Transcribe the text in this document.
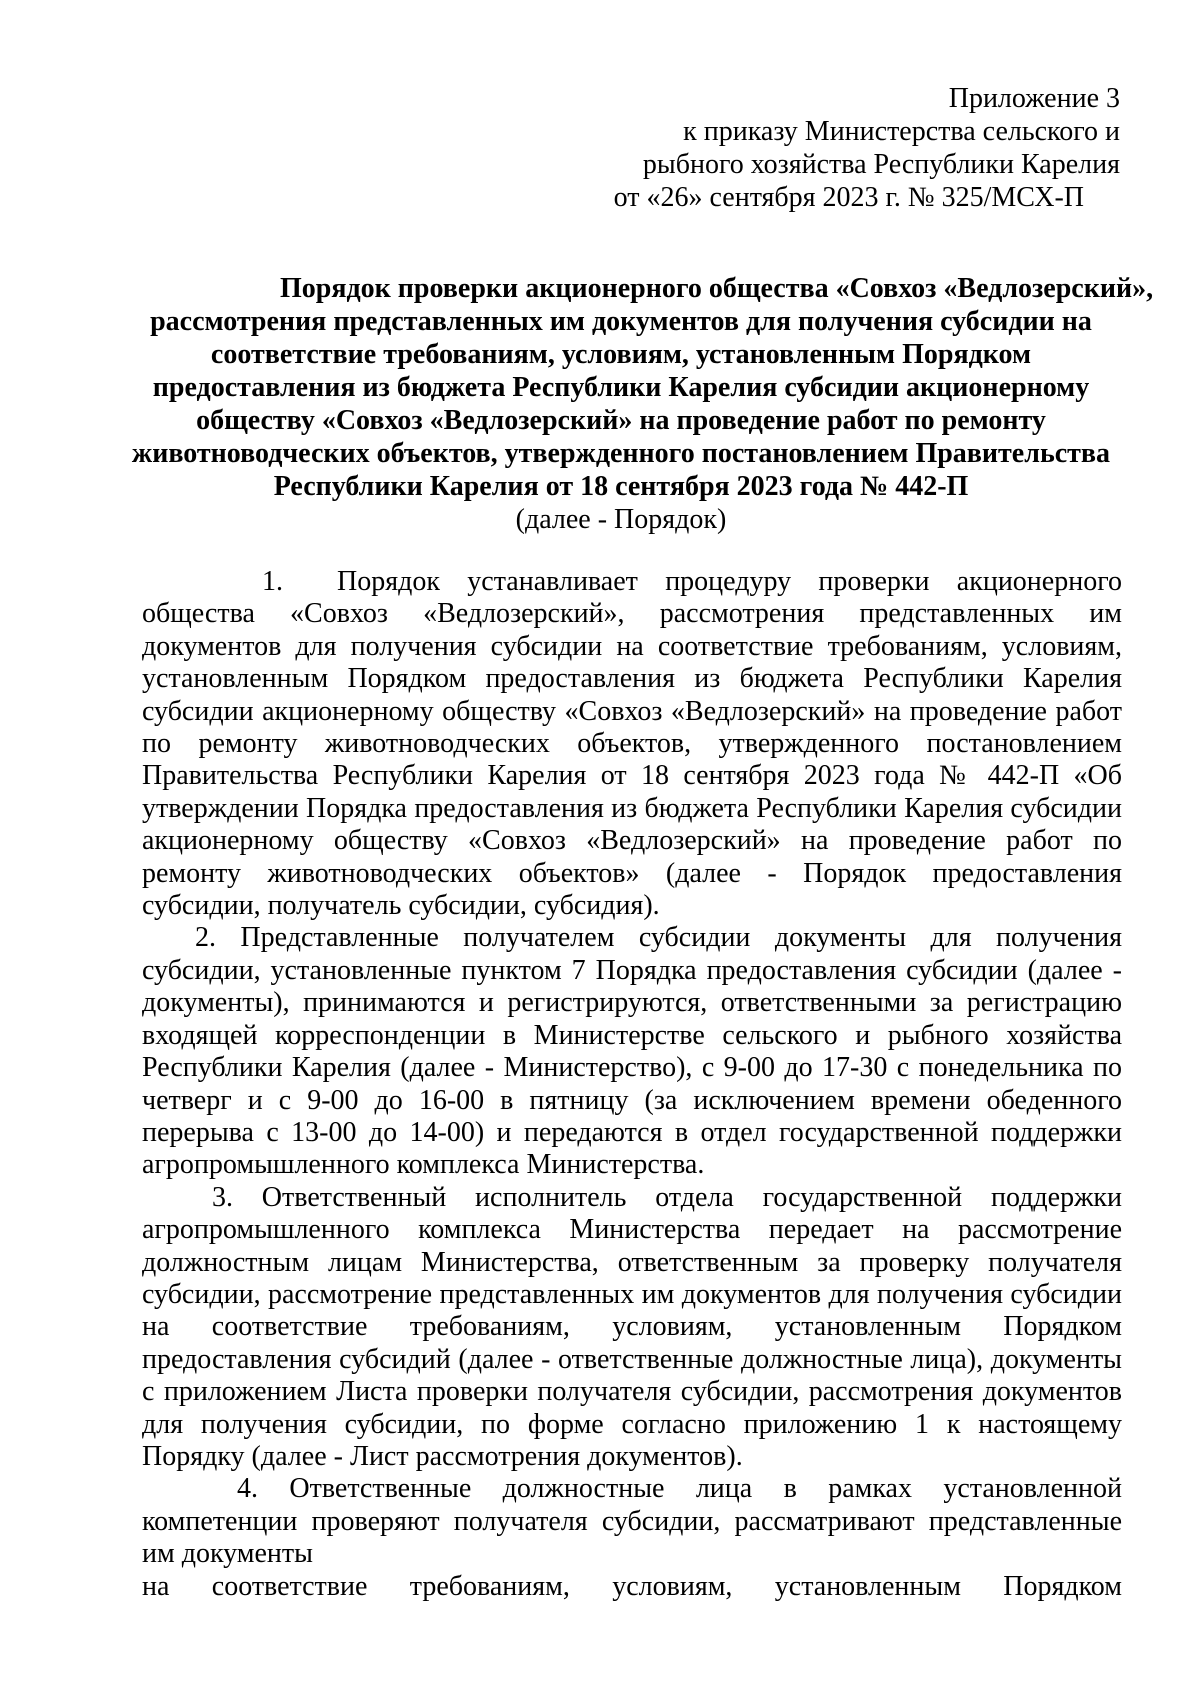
Приложение 3
к приказу Министерства сельского и
рыбного хозяйства Республики Карелия
от «26» сентября 2023 г. № 325/МСХ-П
Порядок проверки акционерного общества «Совхоз «Ведлозерский»,
рассмотрения представленных им документов для получения субсидии на
соответствие требованиям, условиям, установленным Порядком
предоставления из бюджета Республики Карелия субсидии акционерному
обществу «Совхоз «Ведлозерский» на проведение работ по ремонту
животноводческих объектов, утвержденного постановлением Правительства
Республики Карелия от 18 сентября 2023 года № 442-П
(далее - Порядок)

1. Порядок устанавливает процедуру проверки акционерного общества «Совхоз «Ведлозерский», рассмотрения представленных им документов для получения субсидии на соответствие требованиям, условиям, установленным Порядком предоставления из бюджета Республики Карелия субсидии акционерному обществу «Совхоз «Ведлозерский» на проведение работ по ремонту животноводческих объектов, утвержденного постановлением Правительства Республики Карелия от 18 сентября 2023 года № 442-П «Об утверждении Порядка предоставления из бюджета Республики Карелия субсидии акционерному обществу «Совхоз «Ведлозерский» на проведение работ по ремонту животноводческих объектов» (далее - Порядок предоставления субсидии, получатель субсидии, субсидия).

2. Представленные получателем субсидии документы для получения субсидии, установленные пунктом 7 Порядка предоставления субсидии (далее - документы), принимаются и регистрируются, ответственными за регистрацию входящей корреспонденции в Министерстве сельского и рыбного хозяйства Республики Карелия (далее - Министерство), с 9-00 до 17-30 с понедельника по четверг и с 9-00 до 16-00 в пятницу (за исключением времени обеденного перерыва с 13-00 до 14-00) и передаются в отдел государственной поддержки агропромышленного комплекса Министерства.

3. Ответственный исполнитель отдела государственной поддержки агропромышленного комплекса Министерства передает на рассмотрение должностным лицам Министерства, ответственным за проверку получателя субсидии, рассмотрение представленных им документов для получения субсидии на соответствие требованиям, условиям, установленным Порядком предоставления субсидий (далее - ответственные должностные лица), документы с приложением Листа проверки получателя субсидии, рассмотрения документов для получения субсидии, по форме согласно приложению 1 к настоящему Порядку (далее - Лист рассмотрения документов).

4. Ответственные должностные лица в рамках установленной компетенции проверяют получателя субсидии, рассматривают представленные им документы

на соответствие требованиям, условиям, установленным Порядком
